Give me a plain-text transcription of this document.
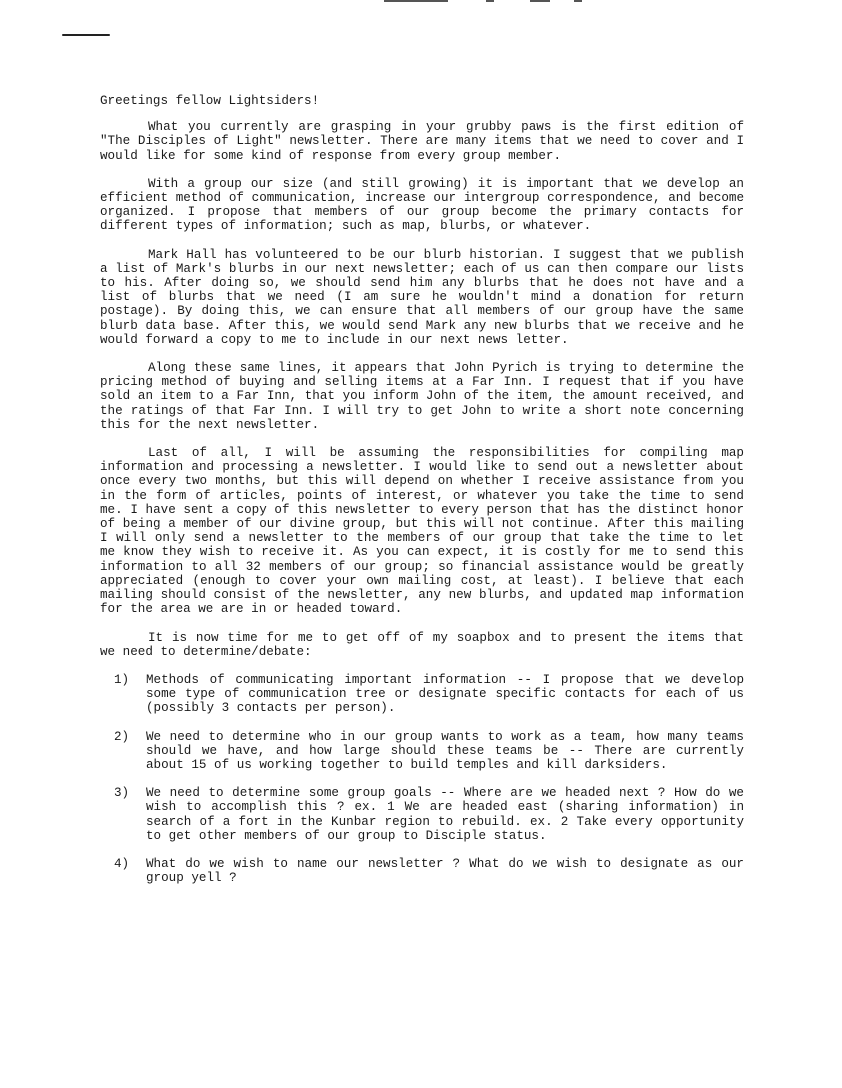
Greetings fellow Lightsiders!

What you currently are grasping in your grubby paws is the first edition of "The Disciples of Light" newsletter. There are many items that we need to cover and I would like for some kind of response from every group member.

With a group our size (and still growing) it is important that we develop an efficient method of communication, increase our intergroup correspondence, and become organized. I propose that members of our group become the primary contacts for different types of information; such as map, blurbs, or whatever.

Mark Hall has volunteered to be our blurb historian. I suggest that we publish a list of Mark's blurbs in our next newsletter; each of us can then compare our lists to his. After doing so, we should send him any blurbs that he does not have and a list of blurbs that we need (I am sure he wouldn't mind a donation for return postage). By doing this, we can ensure that all members of our group have the same blurb data base. After this, we would send Mark any new blurbs that we receive and he would forward a copy to me to include in our next news letter.

Along these same lines, it appears that John Pyrich is trying to determine the pricing method of buying and selling items at a Far Inn. I request that if you have sold an item to a Far Inn, that you inform John of the item, the amount received, and the ratings of that Far Inn. I will try to get John to write a short note concerning this for the next newsletter.

Last of all, I will be assuming the responsibilities for compiling map information and processing a newsletter. I would like to send out a newsletter about once every two months, but this will depend on whether I receive assistance from you in the form of articles, points of interest, or whatever you take the time to send me. I have sent a copy of this newsletter to every person that has the distinct honor of being a member of our divine group, but this will not continue. After this mailing I will only send a newsletter to the members of our group that take the time to let me know they wish to receive it. As you can expect, it is costly for me to send this information to all 32 members of our group; so financial assistance would be greatly appreciated (enough to cover your own mailing cost, at least). I believe that each mailing should consist of the newsletter, any new blurbs, and updated map information for the area we are in or headed toward.

It is now time for me to get off of my soapbox and to present the items that we need to determine/debate:

1)	Methods of communicating important information -- I propose that we develop some type of communication tree or designate specific contacts for each of us (possibly 3 contacts per person).
2)	We need to determine who in our group wants to work as a team, how many teams should we have, and how large should these teams be -- There are currently about 15 of us working together to build temples and kill darksiders.
3)	We need to determine some group goals -- Where are we headed next ? How do we wish to accomplish this ? ex. 1 We are headed east (sharing information) in search of a fort in the Kunbar region to rebuild. ex. 2 Take every opportunity to get other members of our group to Disciple status.
4)	What do we wish to name our newsletter ? What do we wish to designate as our group yell ?
